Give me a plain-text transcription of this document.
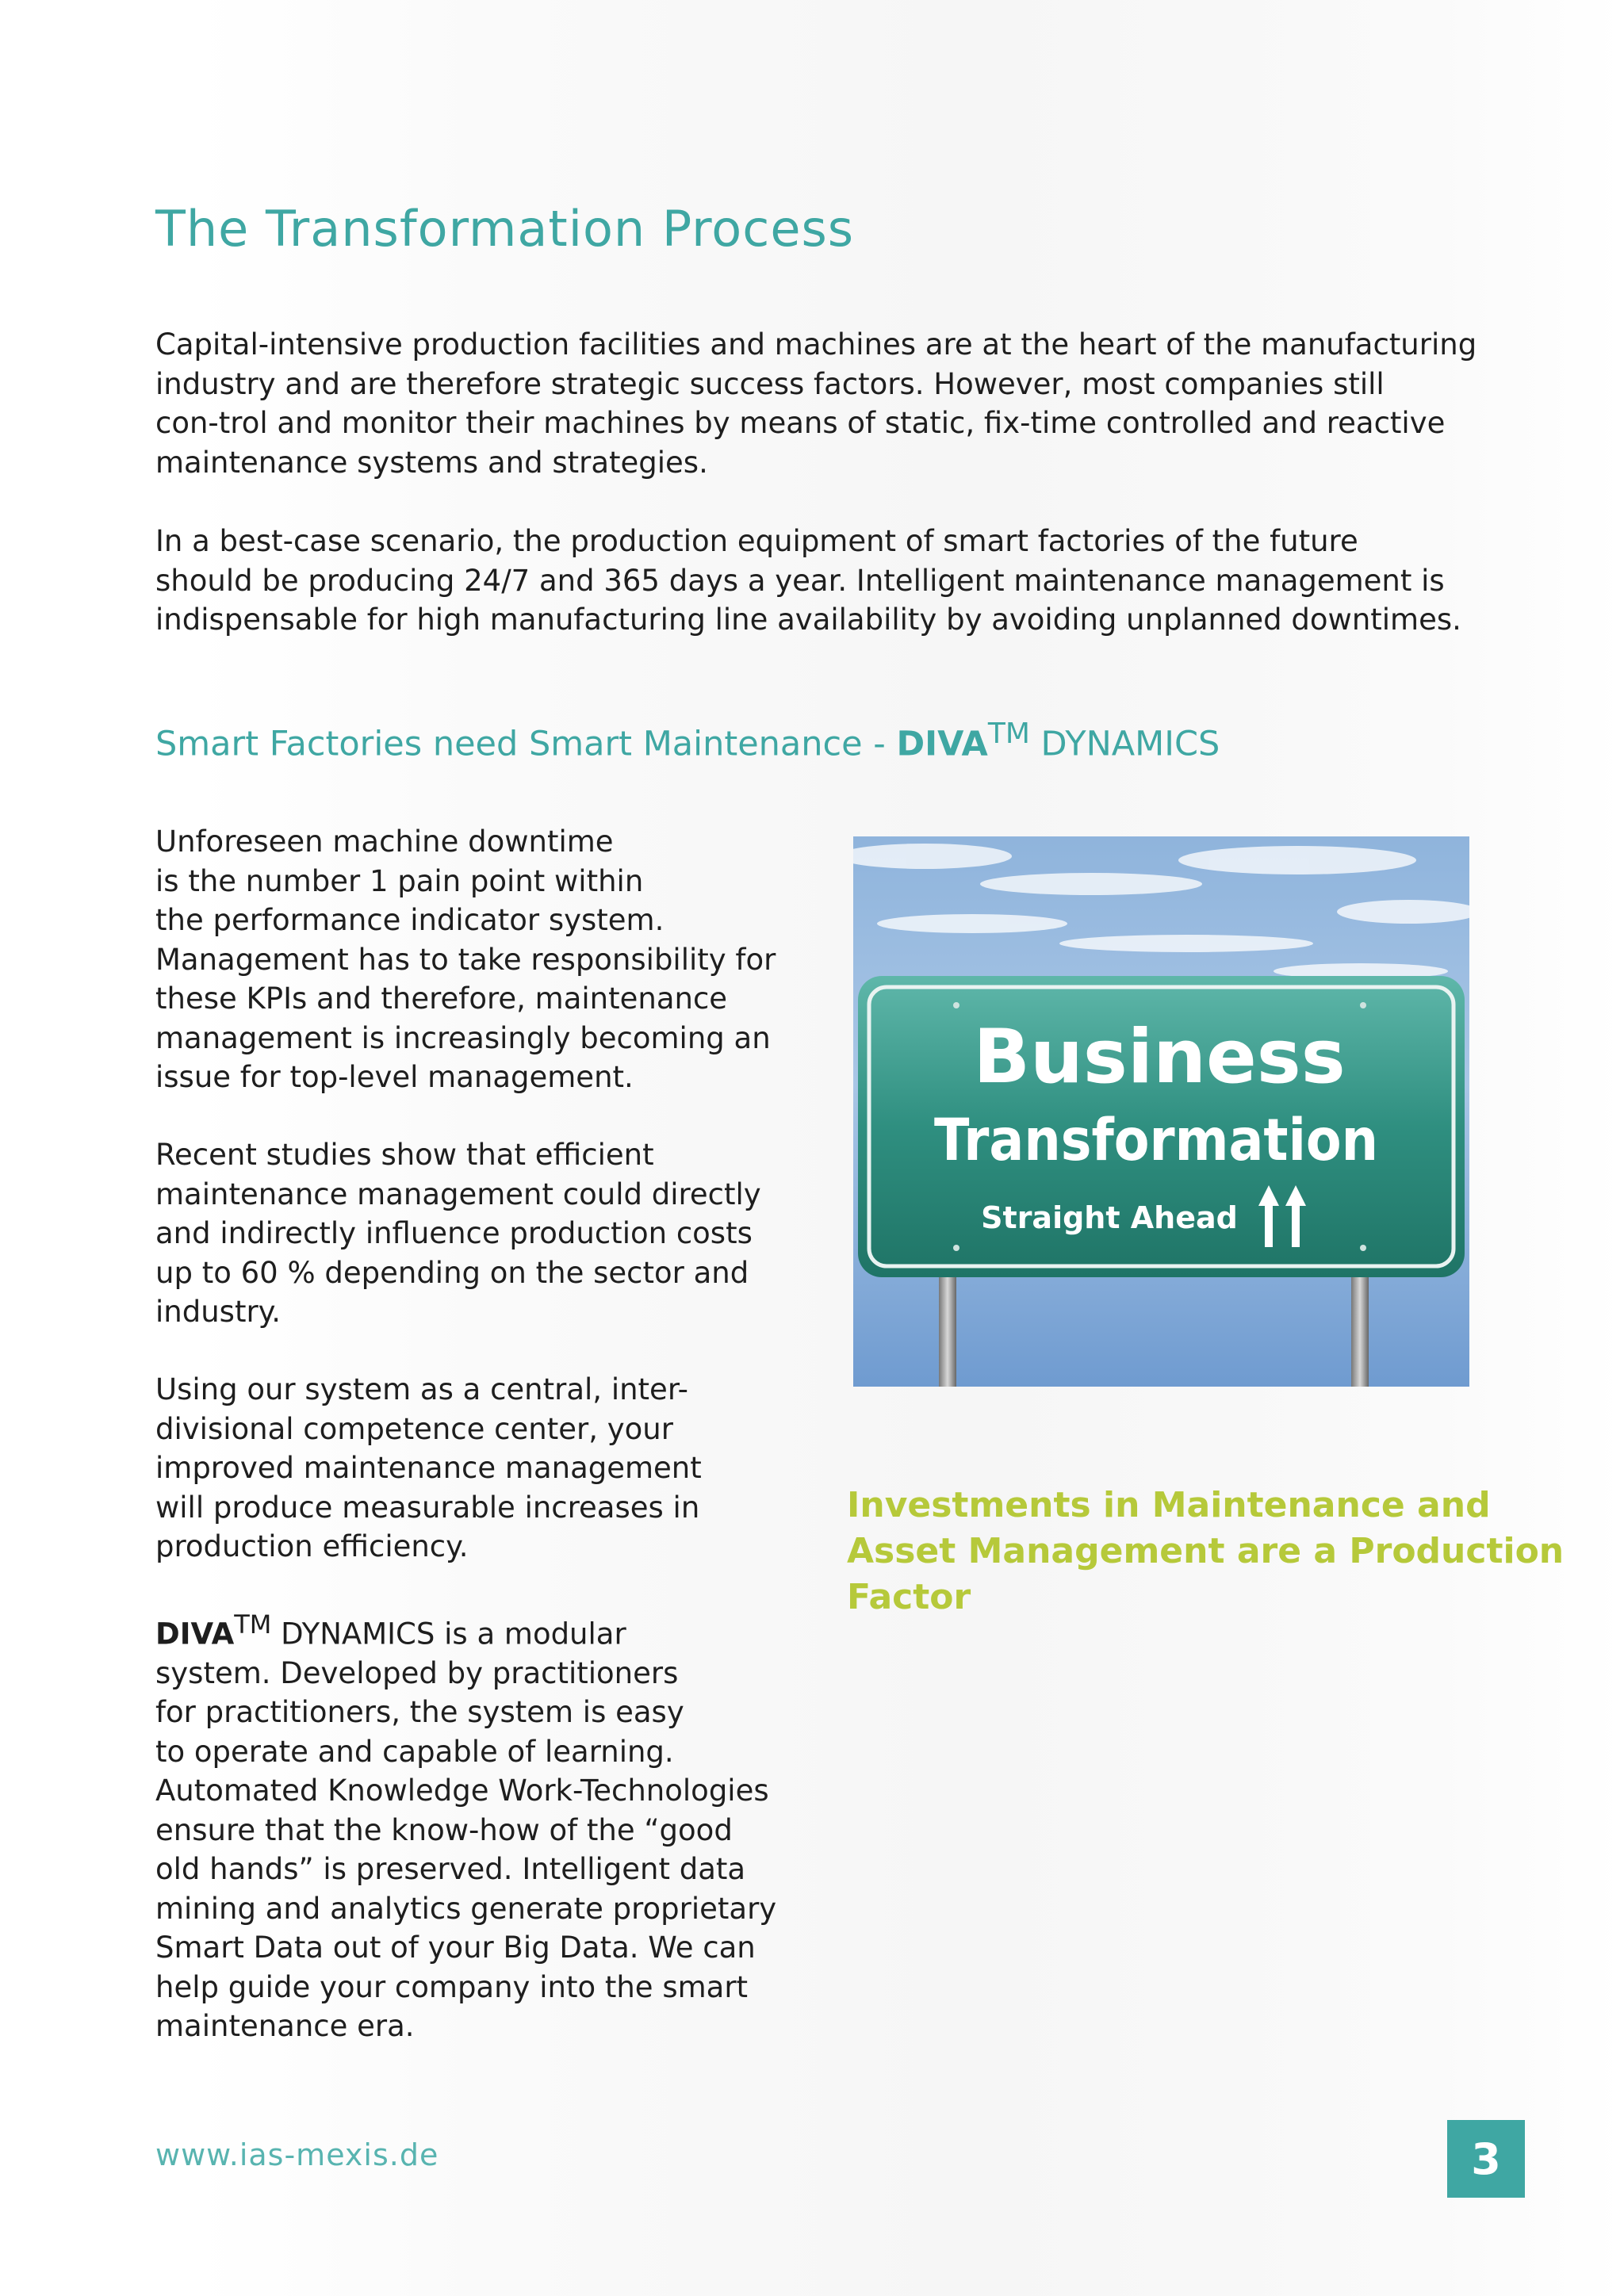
The Transformation Process

Capital-intensive production facilities and machines are at the heart of the manufacturing
industry and are therefore strategic success factors. However, most companies still
con-trol and monitor their machines by means of static, fix-time controlled and reactive
maintenance systems and strategies.

In a best-case scenario, the production equipment of smart factories of the future
should be producing 24/7 and 365 days a year. Intelligent maintenance management is
indispensable for high manufacturing line availability by avoiding unplanned downtimes.

Smart Factories need Smart Maintenance - DIVA™ DYNAMICS

Unforeseen machine downtime
is the number 1 pain point within
the performance indicator system.
Management has to take responsibility for
these KPIs and therefore, maintenance
management is increasingly becoming an
issue for top-level management.

Recent studies show that efficient
maintenance management could directly
and indirectly influence production costs
up to 60 % depending on the sector and
industry.

Using our system as a central, inter-
divisional competence center, your
improved maintenance management
will produce measurable increases in
production efficiency.

DIVA™ DYNAMICS is a modular
system. Developed by practitioners
for practitioners, the system is easy
to operate and capable of learning.
Automated Knowledge Work-Technologies
ensure that the know-how of the “good
old hands” is preserved. Intelligent data
mining and analytics generate proprietary
Smart Data out of your Big Data. We can
help guide your company into the smart
maintenance era.

Business
Transformation
Straight Ahead

Investments in Maintenance and
Asset Management are a Production
Factor

www.ias-mexis.de	3
